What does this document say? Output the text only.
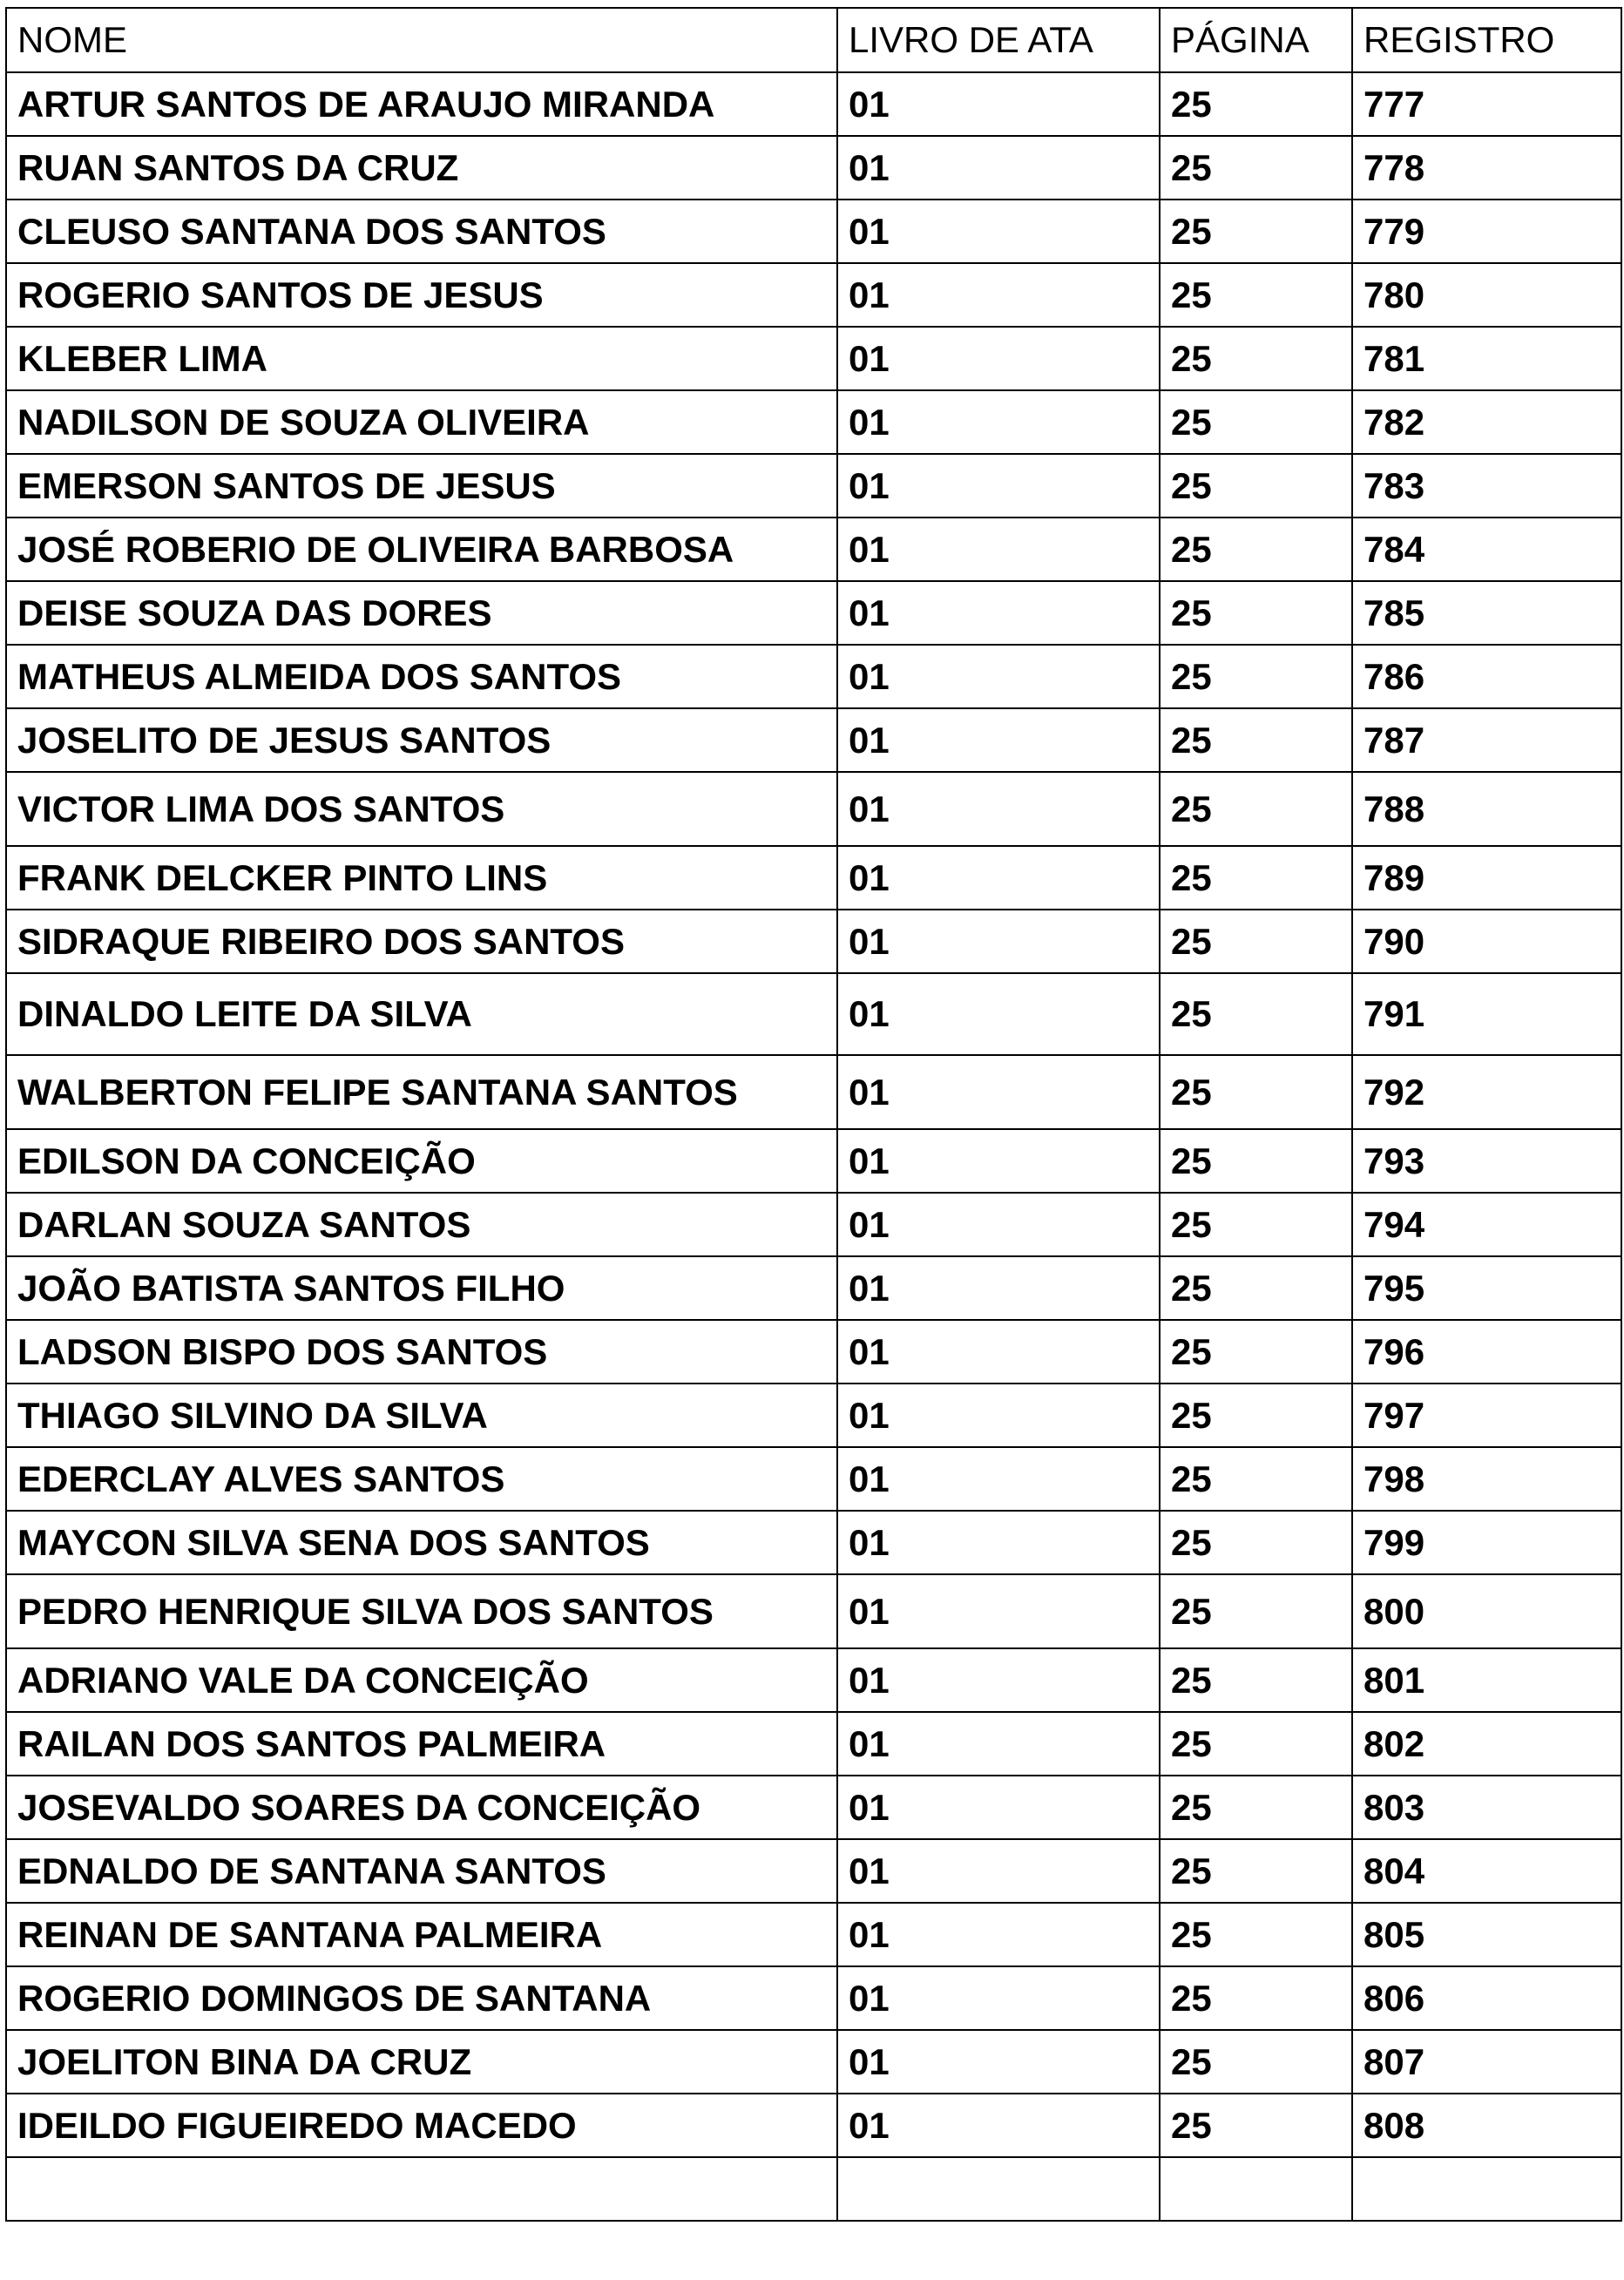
NOME	LIVRO DE ATA	PÁGINA	REGISTRO
ARTUR SANTOS DE ARAUJO MIRANDA	01	25	777
RUAN SANTOS DA CRUZ	01	25	778
CLEUSO SANTANA DOS SANTOS	01	25	779
ROGERIO SANTOS DE JESUS	01	25	780
KLEBER LIMA	01	25	781
NADILSON DE SOUZA OLIVEIRA	01	25	782
EMERSON SANTOS DE JESUS	01	25	783
JOSÉ ROBERIO DE OLIVEIRA BARBOSA	01	25	784
DEISE SOUZA DAS DORES	01	25	785
MATHEUS ALMEIDA DOS SANTOS	01	25	786
JOSELITO DE JESUS SANTOS	01	25	787
VICTOR LIMA DOS SANTOS	01	25	788
FRANK DELCKER PINTO LINS	01	25	789
SIDRAQUE RIBEIRO DOS SANTOS	01	25	790
DINALDO LEITE DA SILVA	01	25	791
WALBERTON FELIPE SANTANA SANTOS	01	25	792
EDILSON DA CONCEIÇÃO	01	25	793
DARLAN SOUZA SANTOS	01	25	794
JOÃO BATISTA SANTOS FILHO	01	25	795
LADSON BISPO DOS SANTOS	01	25	796
THIAGO SILVINO DA SILVA	01	25	797
EDERCLAY ALVES SANTOS	01	25	798
MAYCON SILVA SENA DOS SANTOS	01	25	799
PEDRO HENRIQUE SILVA DOS SANTOS	01	25	800
ADRIANO VALE DA CONCEIÇÃO	01	25	801
RAILAN DOS SANTOS PALMEIRA	01	25	802
JOSEVALDO SOARES DA CONCEIÇÃO	01	25	803
EDNALDO DE SANTANA SANTOS	01	25	804
REINAN DE SANTANA PALMEIRA	01	25	805
ROGERIO DOMINGOS DE SANTANA	01	25	806
JOELITON BINA DA CRUZ	01	25	807
IDEILDO FIGUEIREDO MACEDO	01	25	808
